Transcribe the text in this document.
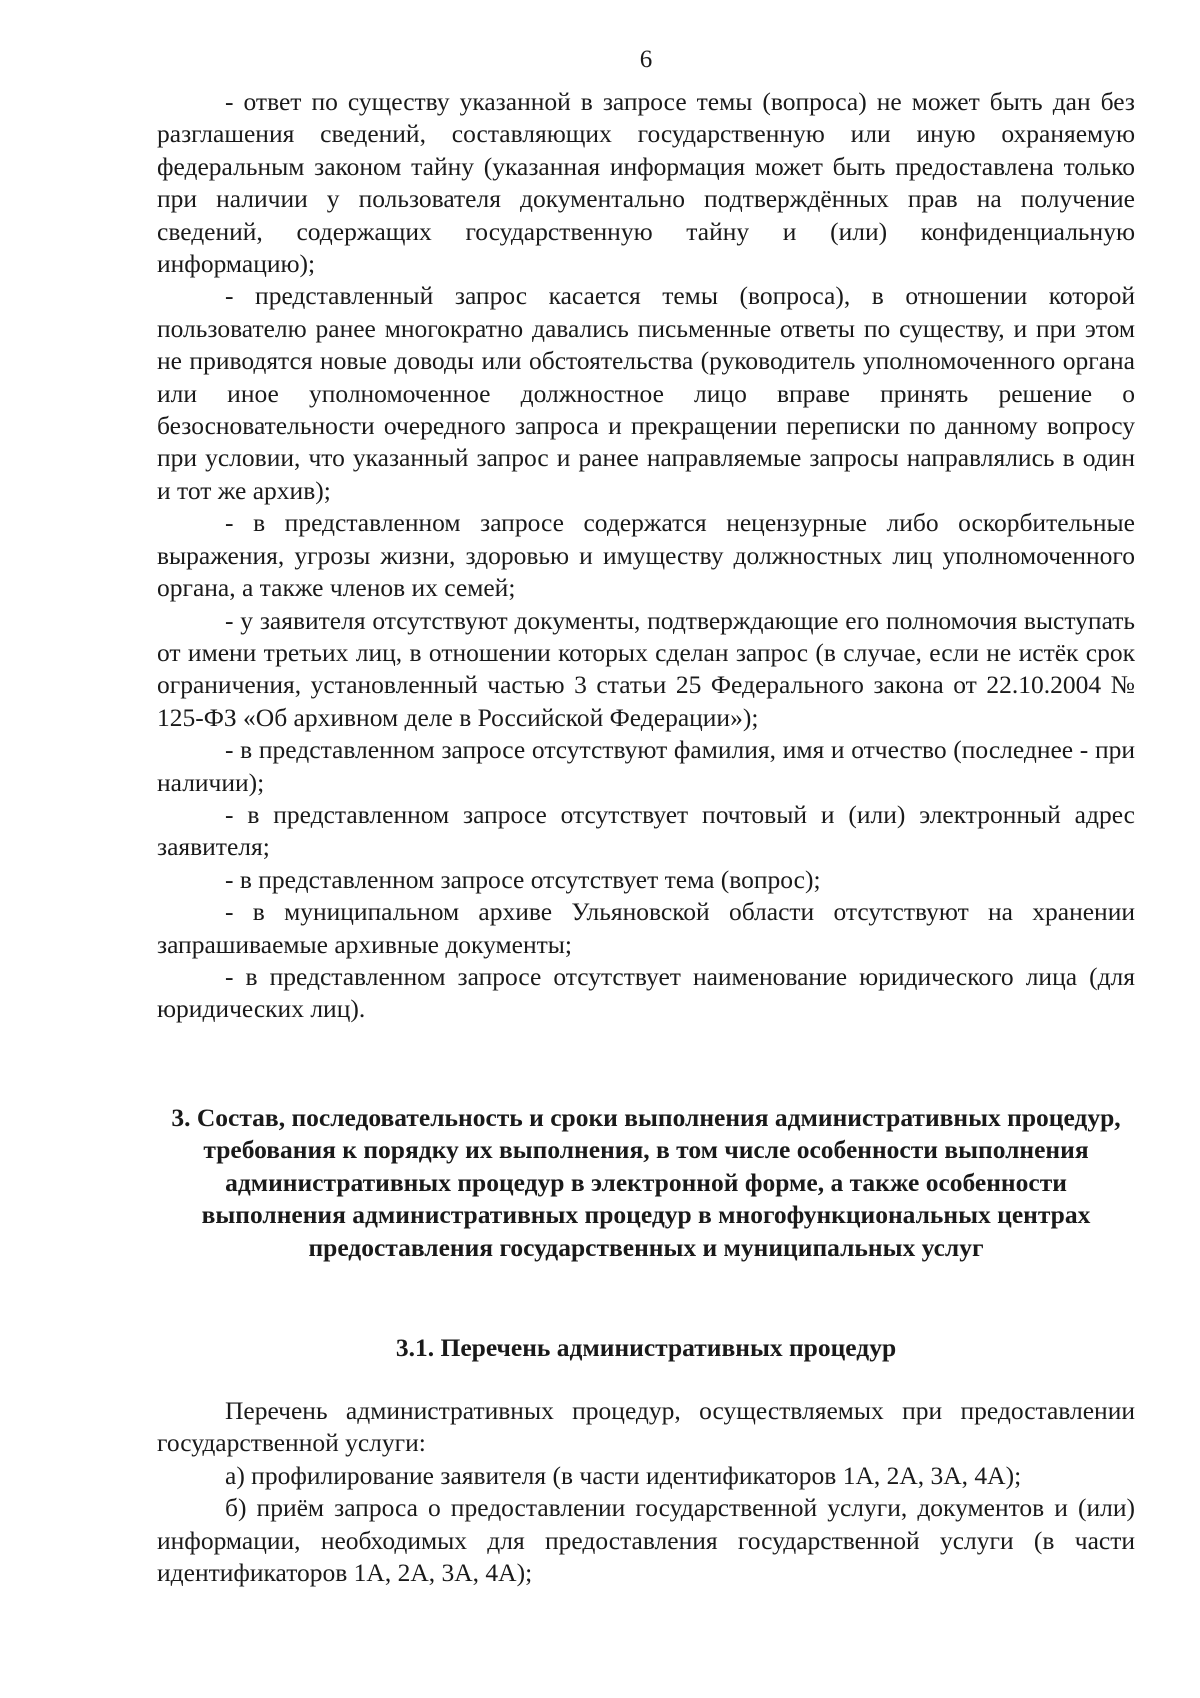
6

- ответ по существу указанной в запросе темы (вопроса) не может быть дан без разглашения сведений, составляющих государственную или иную охраняемую федеральным законом тайну (указанная информация может быть предоставлена только при наличии у пользователя документально подтверждённых прав на получение сведений, содержащих государственную тайну и (или) конфиденциальную информацию);

- представленный запрос касается темы (вопроса), в отношении которой пользователю ранее многократно давались письменные ответы по существу, и при этом не приводятся новые доводы или обстоятельства (руководитель уполномоченного органа или иное уполномоченное должностное лицо вправе принять решение о безосновательности очередного запроса и прекращении переписки по данному вопросу при условии, что указанный запрос и ранее направляемые запросы направлялись в один и тот же архив);

- в представленном запросе содержатся нецензурные либо оскорбительные выражения, угрозы жизни, здоровью и имуществу должностных лиц уполномоченного органа, а также членов их семей;

- у заявителя отсутствуют документы, подтверждающие его полномочия выступать от имени третьих лиц, в отношении которых сделан запрос (в случае, если не истёк срок ограничения, установленный частью 3 статьи 25 Федерального закона от 22.10.2004 № 125-ФЗ «Об архивном деле в Российской Федерации»);

- в представленном запросе отсутствуют фамилия, имя и отчество (последнее - при наличии);

- в представленном запросе отсутствует почтовый и (или) электронный адрес заявителя;

- в представленном запросе отсутствует тема (вопрос);

- в муниципальном архиве Ульяновской области отсутствуют на хранении запрашиваемые архивные документы;

- в представленном запросе отсутствует наименование юридического лица (для юридических лиц).

3. Состав, последовательность и сроки выполнения административных процедур, требования к порядку их выполнения, в том числе особенности выполнения административных процедур в электронной форме, а также особенности выполнения административных процедур в многофункциональных центрах предоставления государственных и муниципальных услуг
3.1. Перечень административных процедур

Перечень административных процедур, осуществляемых при предоставлении государственной услуги:

а) профилирование заявителя (в части идентификаторов 1А, 2А, 3А, 4А);

б) приём запроса о предоставлении государственной услуги, документов и (или) информации, необходимых для предоставления государственной услуги (в части идентификаторов 1А, 2А, 3А, 4А);
